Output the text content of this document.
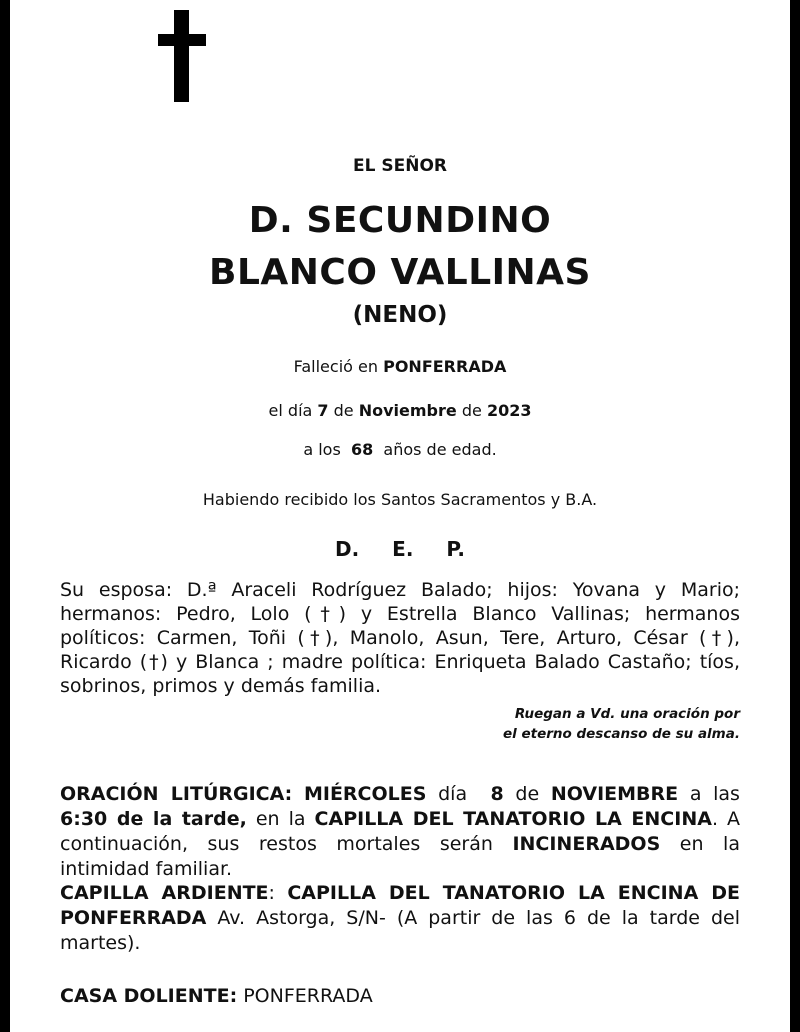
EL SEÑOR
D. SECUNDINO
BLANCO VALLINAS
(NENO)
Falleció en PONFERRADA
el día 7 de Noviembre de 2023
a los 68 años de edad.
Habiendo recibido los Santos Sacramentos y B.A.
D. E. P.
Su esposa: D.ª Araceli Rodríguez Balado; hijos: Yovana y Mario; hermanos: Pedro, Lolo (†) y Estrella Blanco Vallinas; hermanos políticos: Carmen, Toñi (†), Manolo, Asun, Tere, Arturo, César (†), Ricardo (†) y Blanca ; madre política: Enriqueta Balado Castaño; tíos, sobrinos, primos y demás familia.
Ruegan a Vd. una oración por
el eterno descanso de su alma.
ORACIÓN LITÚRGICA: MIÉRCOLES día 8 de NOVIEMBRE a las 6:30 de la tarde, en la CAPILLA DEL TANATORIO LA ENCINA. A continuación, sus restos mortales serán INCINERADOS en la intimidad familiar.
CAPILLA ARDIENTE: CAPILLA DEL TANATORIO LA ENCINA DE PONFERRADA Av. Astorga, S/N- (A partir de las 6 de la tarde del martes).
CASA DOLIENTE: PONFERRADA
